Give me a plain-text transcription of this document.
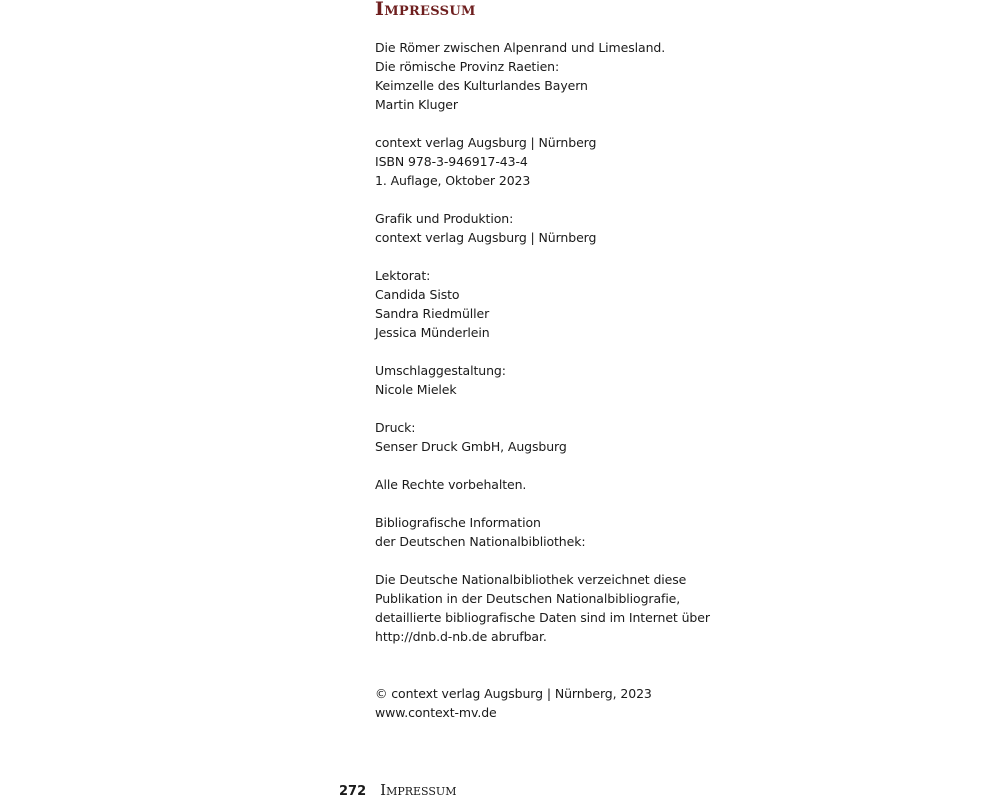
Impressum
Die Römer zwischen Alpenrand und Limesland.
Die römische Provinz Raetien:
Keimzelle des Kulturlandes Bayern
Martin Kluger
context verlag Augsburg | Nürnberg
ISBN 978-3-946917-43-4
1. Auflage, Oktober 2023
Grafik und Produktion:
context verlag Augsburg | Nürnberg
Lektorat:
Candida Sisto
Sandra Riedmüller
Jessica Münderlein
Umschlaggestaltung:
Nicole Mielek
Druck:
Senser Druck GmbH, Augsburg
Alle Rechte vorbehalten.
Bibliografische Information
der Deutschen Nationalbibliothek:
Die Deutsche Nationalbibliothek verzeichnet diese
Publikation in der Deutschen Nationalbibliografie,
detaillierte bibliografische Daten sind im Internet über
http://dnb.d-nb.de abrufbar.
© context verlag Augsburg | Nürnberg, 2023
www.context-mv.de
272 Impressum
